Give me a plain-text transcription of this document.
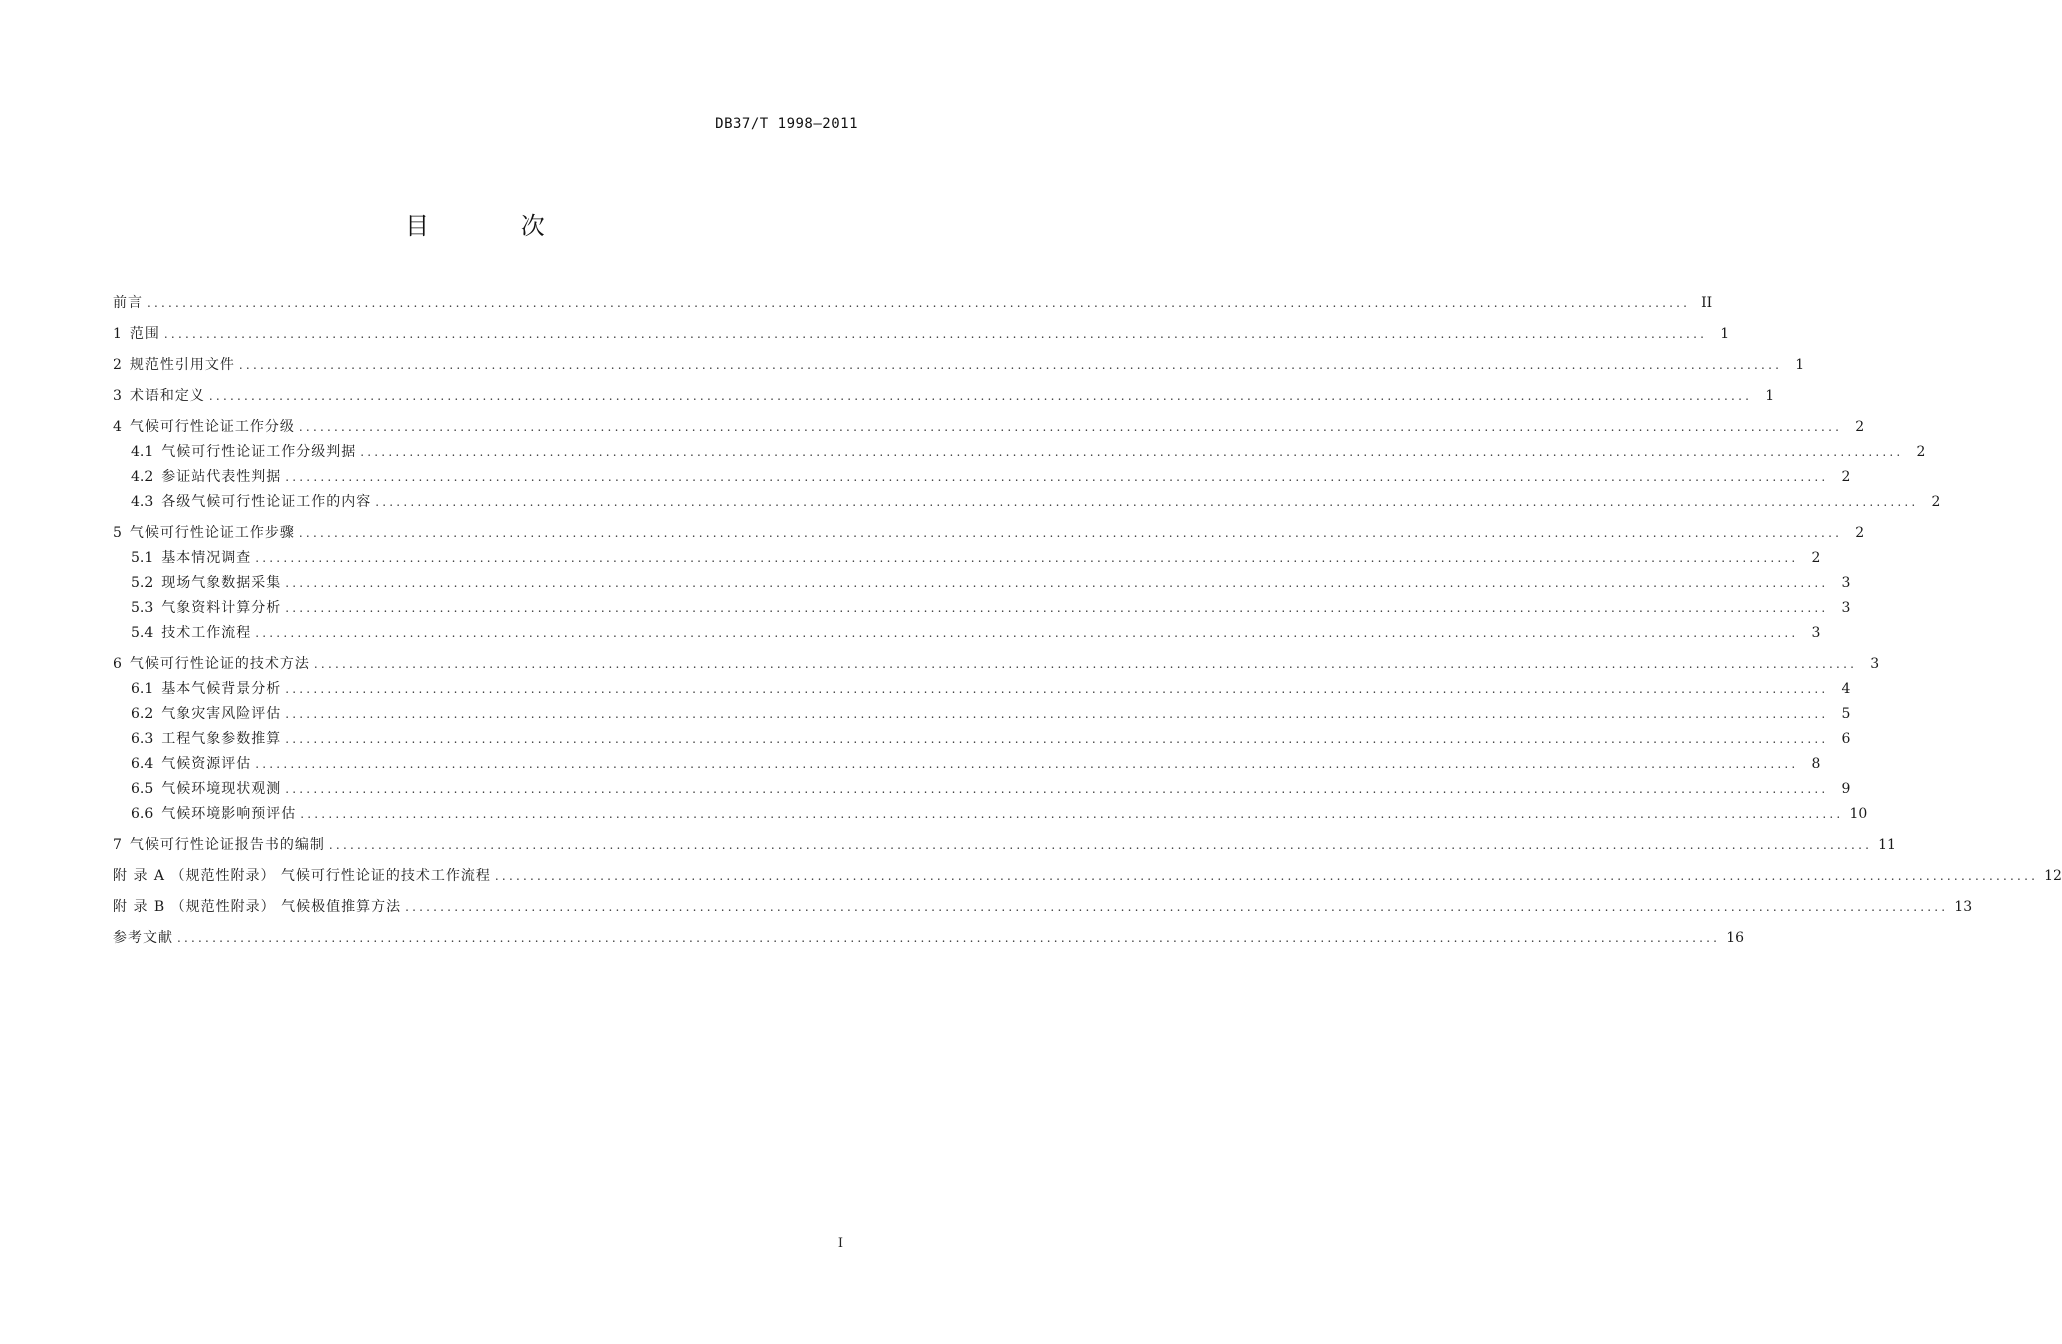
DB37/T 1998—2011
目 次
前言 ............................................................................................................................................................................................................................ II
1 范围 ............................................................................................................................................................................................................................ 1
2 规范性引用文件 ............................................................................................................................................................................................................................ 1
3 术语和定义 ............................................................................................................................................................................................................................ 1
4 气候可行性论证工作分级 ............................................................................................................................................................................................................................ 2
4.1 气候可行性论证工作分级判据 ............................................................................................................................................................................................................................ 2
4.2 参证站代表性判据 ............................................................................................................................................................................................................................ 2
4.3 各级气候可行性论证工作的内容 ............................................................................................................................................................................................................................ 2
5 气候可行性论证工作步骤 ............................................................................................................................................................................................................................ 2
5.1 基本情况调查 ............................................................................................................................................................................................................................ 2
5.2 现场气象数据采集 ............................................................................................................................................................................................................................ 3
5.3 气象资料计算分析 ............................................................................................................................................................................................................................ 3
5.4 技术工作流程 ............................................................................................................................................................................................................................ 3
6 气候可行性论证的技术方法 ............................................................................................................................................................................................................................ 3
6.1 基本气候背景分析 ............................................................................................................................................................................................................................ 4
6.2 气象灾害风险评估 ............................................................................................................................................................................................................................ 5
6.3 工程气象参数推算 ............................................................................................................................................................................................................................ 6
6.4 气候资源评估 ............................................................................................................................................................................................................................ 8
6.5 气候环境现状观测 ............................................................................................................................................................................................................................ 9
6.6 气候环境影响预评估 ............................................................................................................................................................................................................................ 10
7 气候可行性论证报告书的编制 ............................................................................................................................................................................................................................ 11
附 录 A （规范性附录） 气候可行性论证的技术工作流程 ............................................................................................................................................................................................................................ 12
附 录 B （规范性附录） 气候极值推算方法 ............................................................................................................................................................................................................................ 13
参考文献 ............................................................................................................................................................................................................................ 16
I
